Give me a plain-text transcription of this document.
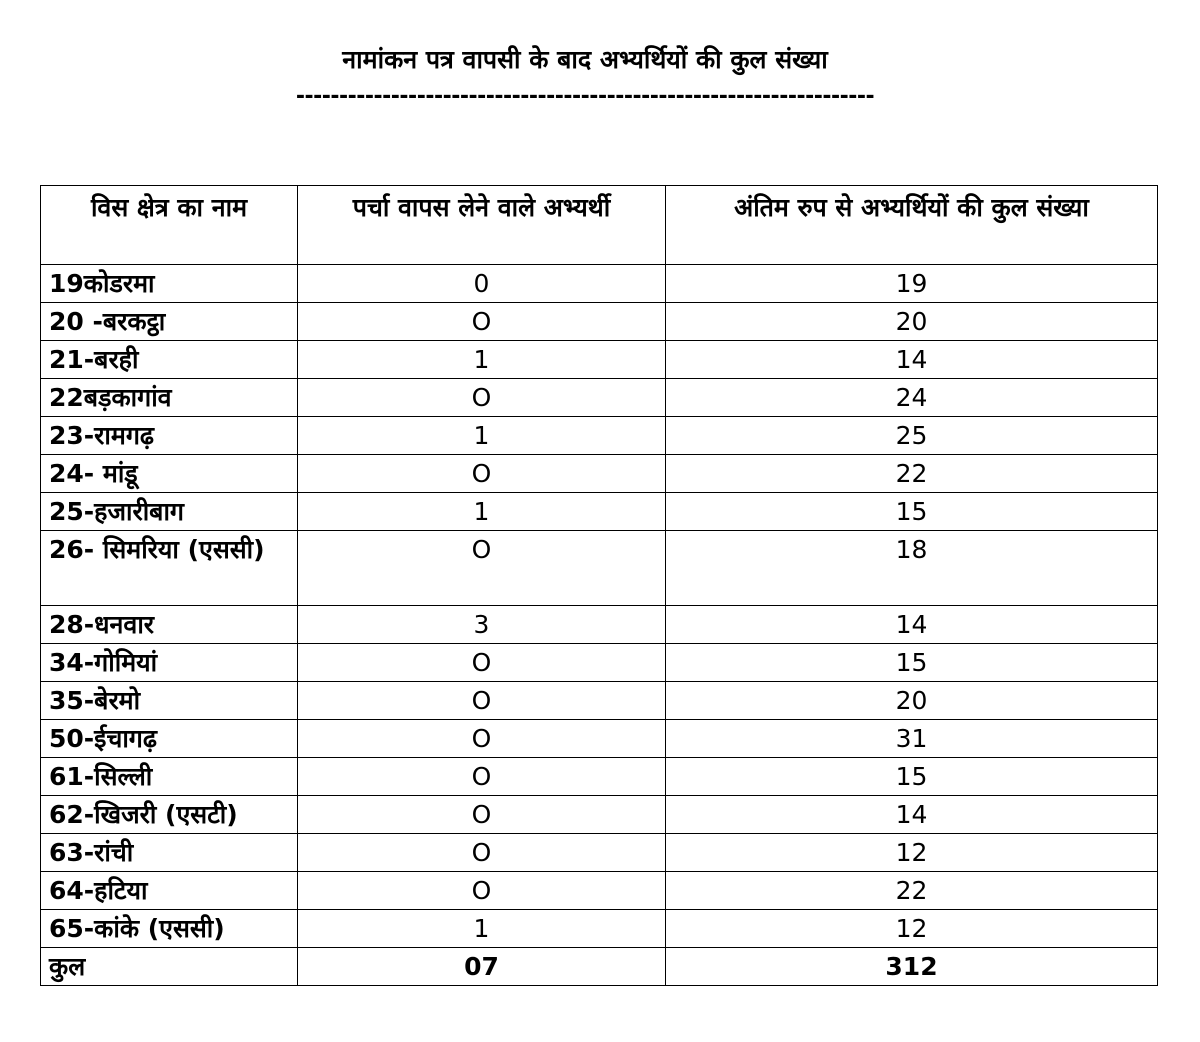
नामांकन पत्र वापसी के बाद अभ्यर्थियों की कुल संख्या
-------------------------------------------------------------------
विस क्षेत्र का नाम	पर्चा वापस लेने वाले अभ्यर्थी	अंतिम रुप से अभ्यर्थियों की कुल संख्या
19कोडरमा	0	19
20 -बरकट्ठा	O	20
21-बरही	1	14
22बड़कागांव	O	24
23-रामगढ़	1	25
24- मांडू	O	22
25-हजारीबाग	1	15
26- सिमरिया (एससी)	O	18
28-धनवार	3	14
34-गोमियां	O	15
35-बेरमो	O	20
50-ईचागढ़	O	31
61-सिल्ली	O	15
62-खिजरी (एसटी)	O	14
63-रांची	O	12
64-हटिया	O	22
65-कांके (एससी)	1	12
कुल	07	312
